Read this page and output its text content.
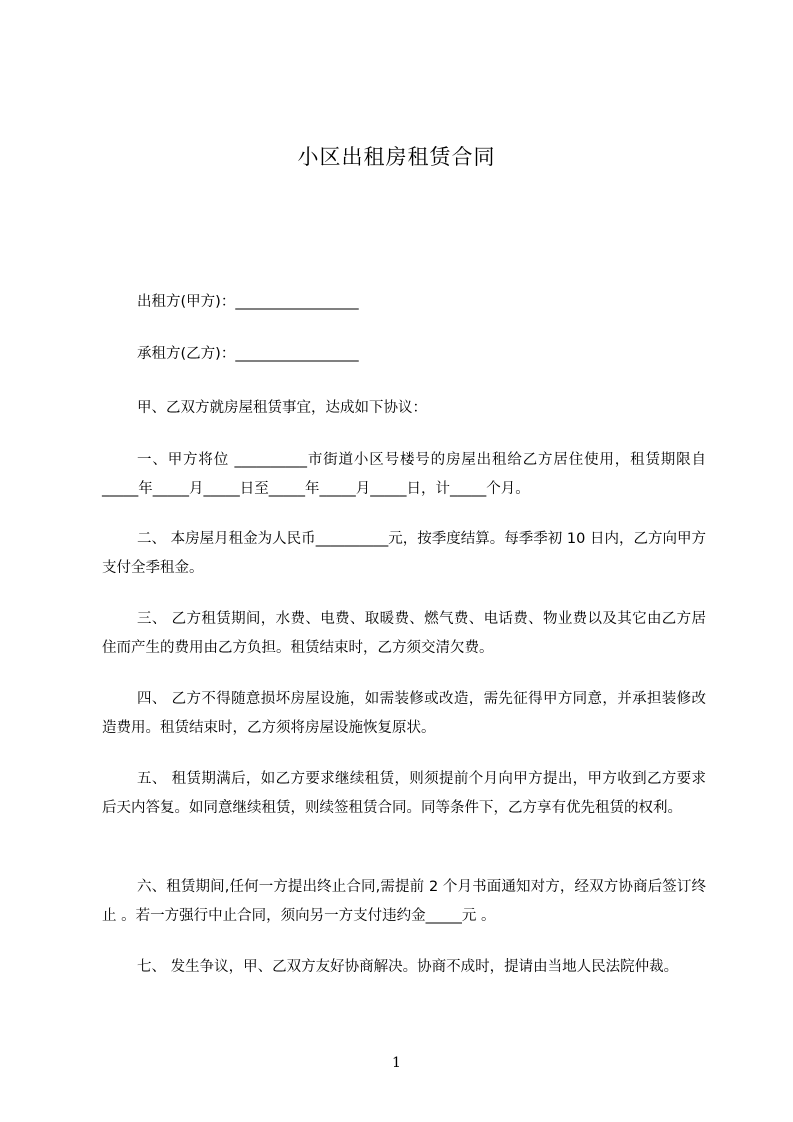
小区出租房租赁合同
出租方(甲方)：_________________
承租方(乙方)：_________________
甲、乙双方就房屋租赁事宜，达成如下协议：
一、甲方将位 __________市街道小区号楼号的房屋出租给乙方居住使用，租赁期限自_____年_____月_____日至_____年_____月_____日，计_____个月。
二、 本房屋月租金为人民币__________元，按季度结算。每季季初 10 日内，乙方向甲方支付全季租金。
三、 乙方租赁期间，水费、电费、取暖费、燃气费、电话费、物业费以及其它由乙方居住而产生的费用由乙方负担。租赁结束时，乙方须交清欠费。
四、 乙方不得随意损坏房屋设施，如需装修或改造，需先征得甲方同意，并承担装修改造费用。租赁结束时，乙方须将房屋设施恢复原状。
五、 租赁期满后，如乙方要求继续租赁，则须提前个月向甲方提出，甲方收到乙方要求后天内答复。如同意继续租赁，则续签租赁合同。同等条件下，乙方享有优先租赁的权利。
六、租赁期间,任何一方提出终止合同,需提前 2 个月书面通知对方，经双方协商后签订终止 。若一方强行中止合同，须向另一方支付违约金_____元 。
七、 发生争议，甲、乙双方友好协商解决。协商不成时，提请由当地人民法院仲裁。
1
